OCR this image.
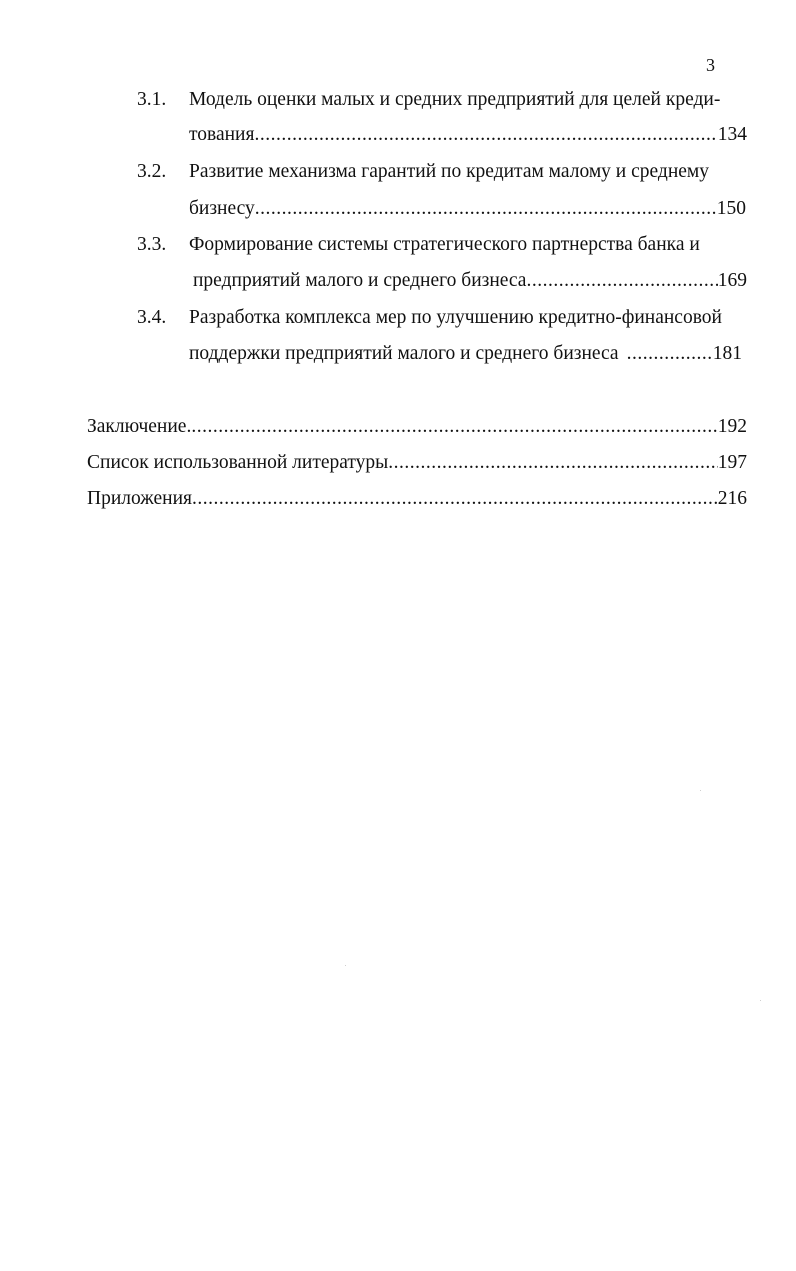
3
3.1. Модель оценки малых и средних предприятий для целей креди-
тования .....	134
3.2. Развитие механизма гарантий по кредитам малому и среднему
бизнесу .....	150
3.3. Формирование системы стратегического партнерства банка и
предприятий малого и среднего бизнеса .....	169
3.4. Разработка комплекса мер по улучшению кредитно-финансовой
поддержки предприятий малого и среднего бизнеса .....	181
Заключение. .....	192
Список использованной литературы .....	197
Приложения .....	216
